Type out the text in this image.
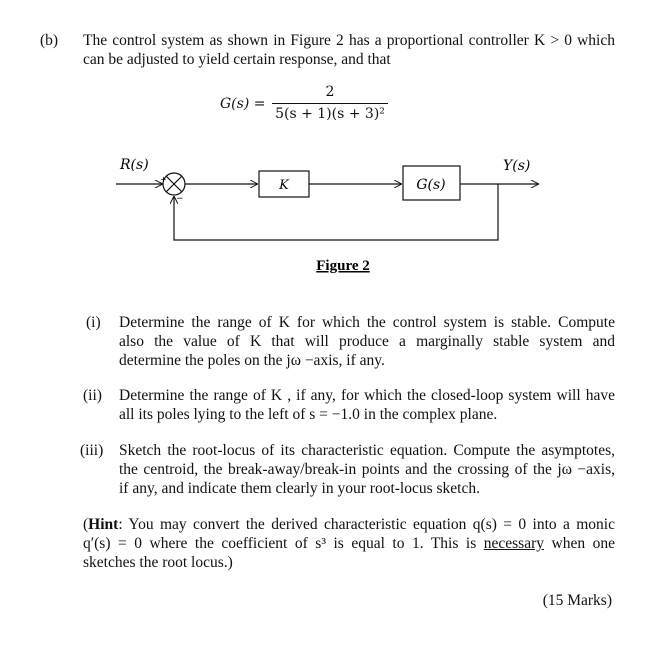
(b) The control system as shown in Figure 2 has a proportional controller K > 0 which
can be adjusted to yield certain response, and that
G(s) =
2
5(s + 1)(s + 3)²
+
−
K	G(s)
R(s)	Y(s)
Figure 2
(i) Determine the range of K for which the control system is stable. Compute
also the value of K that will produce a marginally stable system and
determine the poles on the jω −axis, if any.
(ii) Determine the range of K , if any, for which the closed-loop system will have
all its poles lying to the left of s = −1.0 in the complex plane.
(iii) Sketch the root-locus of its characteristic equation. Compute the asymptotes,
the centroid, the break-away/break-in points and the crossing of the jω −axis,
if any, and indicate them clearly in your root-locus sketch.
(Hint: You may convert the derived characteristic equation q(s) = 0 into a monic
q′(s) = 0 where the coefficient of s³ is equal to 1. This is necessary when one
sketches the root locus.)
(15 Marks)
